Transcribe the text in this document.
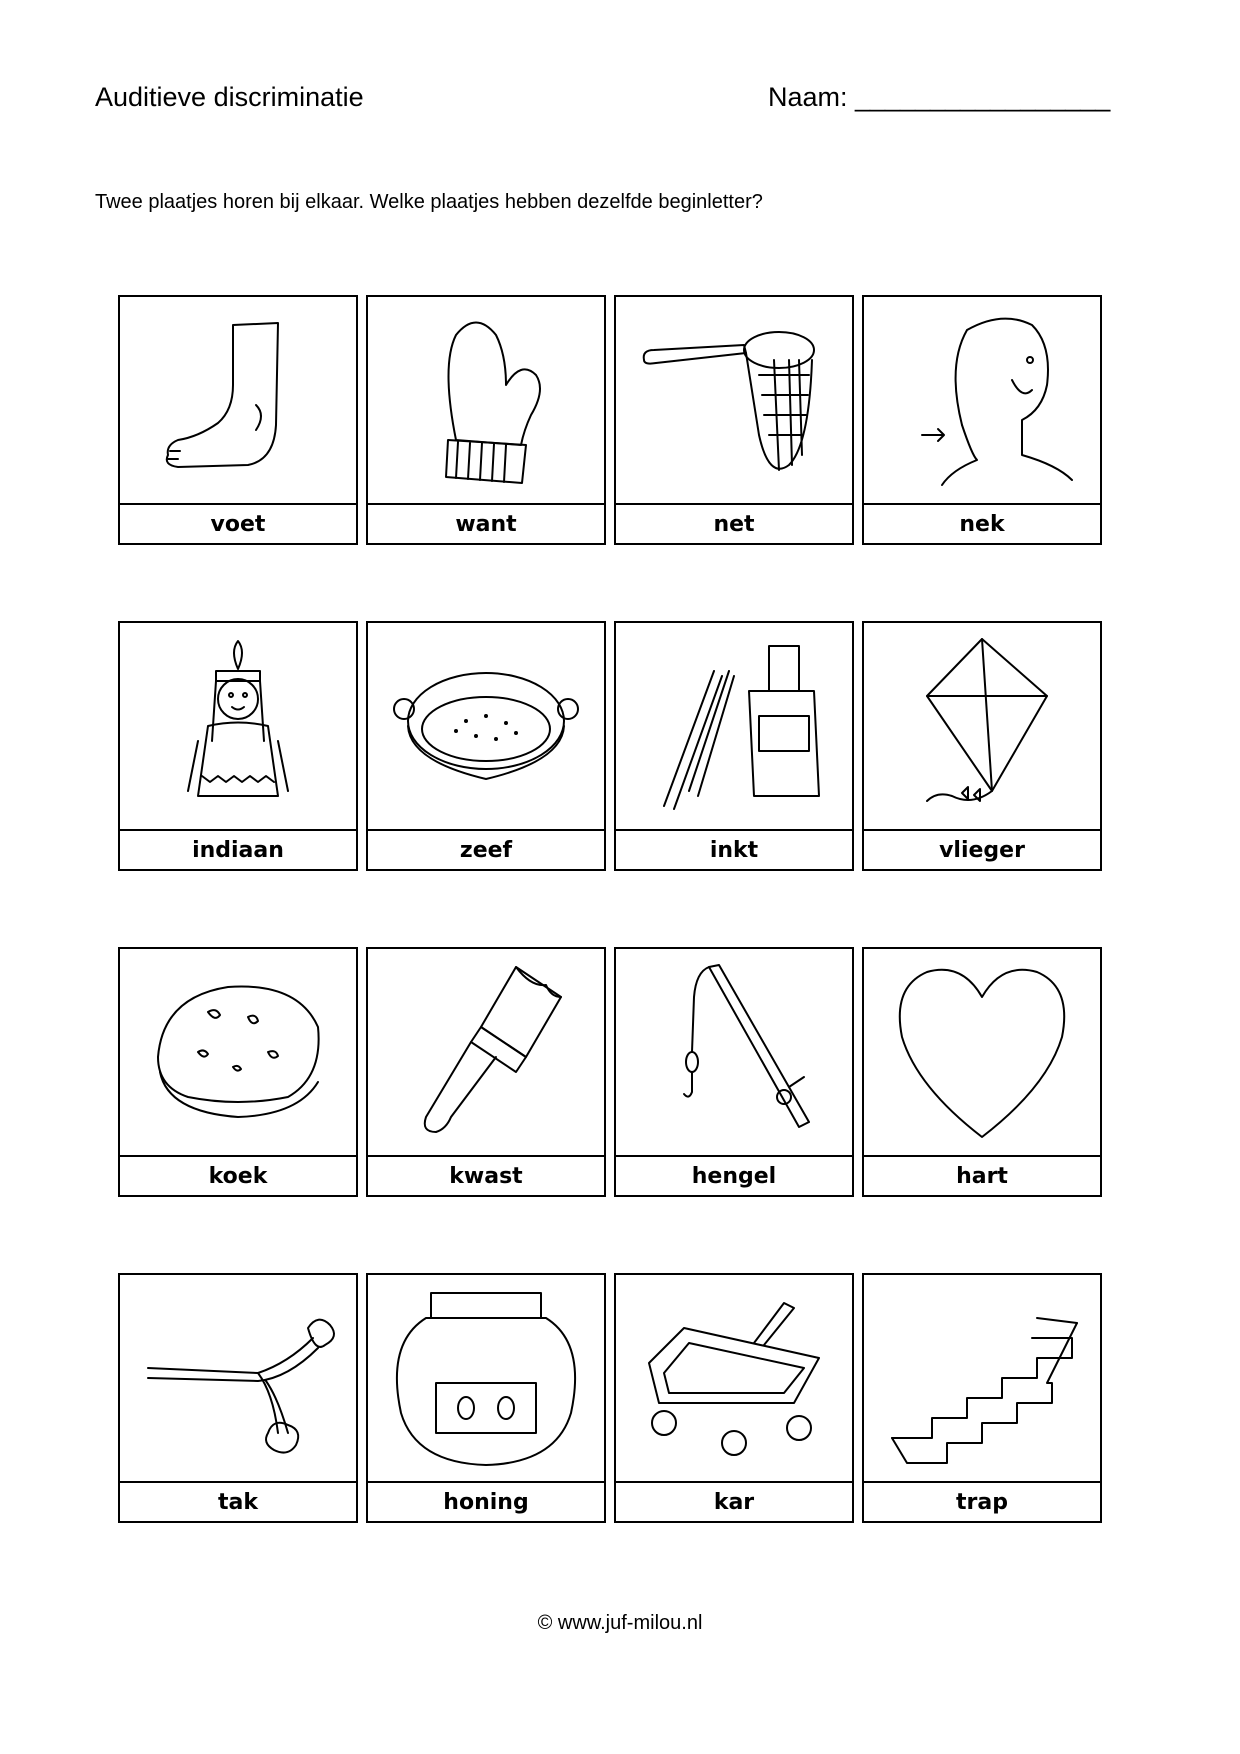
Auditieve discriminatie	Naam: _________________
Twee plaatjes horen bij elkaar. Welke plaatjes hebben dezelfde beginletter?
voet	want	net	nek
indiaan	zeef	inkt	vlieger
koek	kwast	hengel	hart
tak	honing	kar	trap
© www.juf-milou.nl
